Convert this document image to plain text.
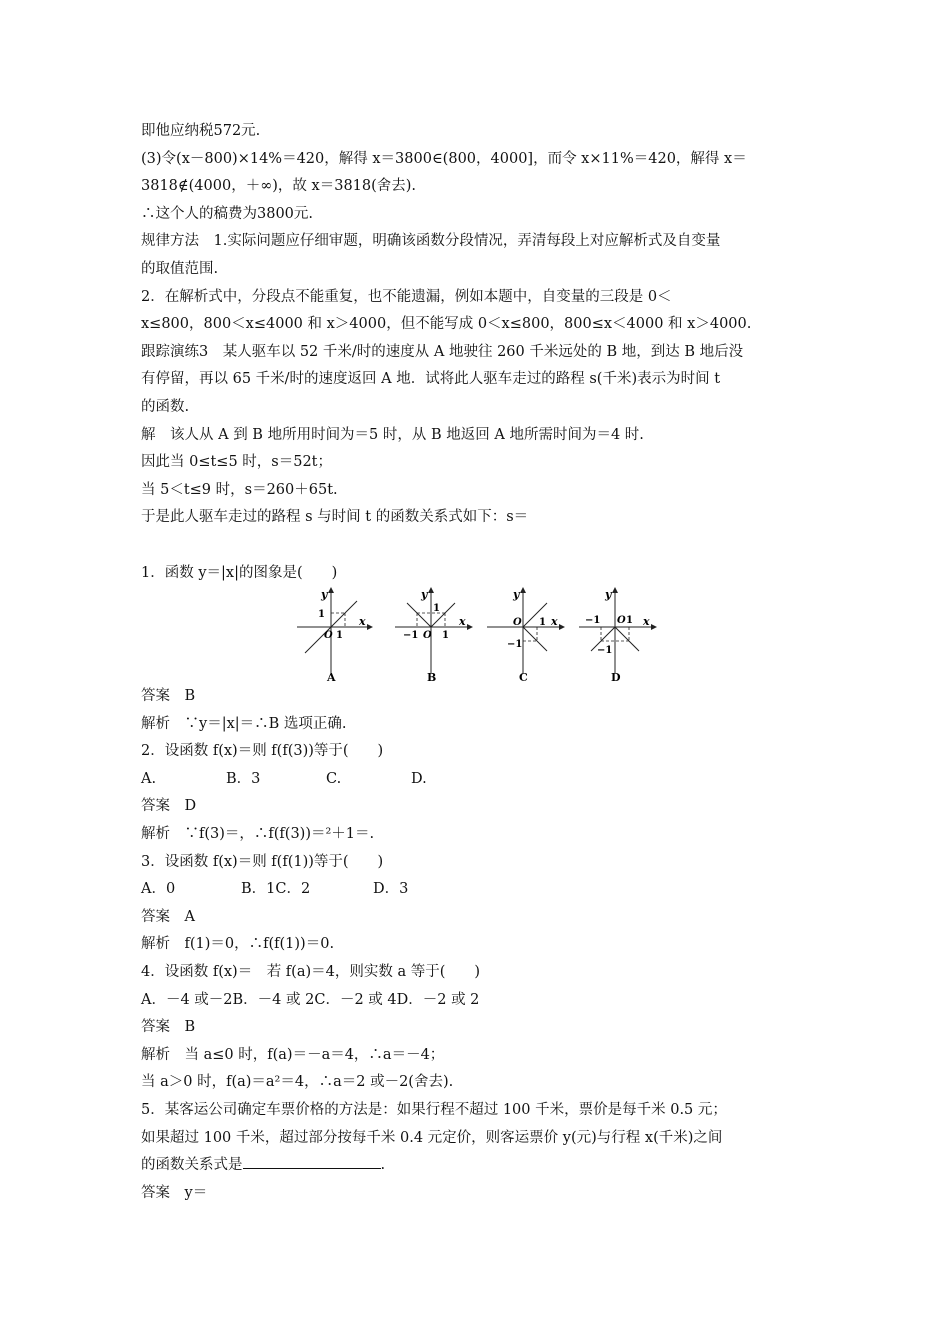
即他应纳税572元.
(3)令(x－800)×14%＝420，解得 x＝3800∈(800，4000]，而令 x×11%＝420，解得 x＝
3818∉(4000，＋∞)，故 x＝3818(舍去).
∴这个人的稿费为3800元.
规律方法　1.实际问题应仔细审题，明确该函数分段情况，弄清每段上对应解析式及自变量
的取值范围.
2．在解析式中，分段点不能重复，也不能遗漏，例如本题中，自变量的三段是 0＜
x≤800，800＜x≤4000 和 x＞4000，但不能写成 0＜x≤800，800≤x＜4000 和 x＞4000.
跟踪演练3　某人驱车以 52 千米/时的速度从 A 地驶往 260 千米远处的 B 地，到达 B 地后没
有停留，再以 65 千米/时的速度返回 A 地．试将此人驱车走过的路程 s(千米)表示为时间 t
的函数.
解　该人从 A 到 B 地所用时间为＝5 时，从 B 地返回 A 地所需时间为＝4 时.
因此当 0≤t≤5 时，s＝52t；
当 5＜t≤9 时，s＝260＋65t.
于是此人驱车走过的路程 s 与时间 t 的函数关系式如下：s＝
1．函数 y＝|x|的图象是(　　)
y
x
1
O 1
A
y
x
1
−1 O 1
B
y
x
O 1
−1
C
y
x
−1 O 1
−1
D
答案　B
解析　∵y＝|x|＝∴B 选项正确.
2．设函数 f(x)＝则 f(f(3))等于(　　)
A.	B．3	C.	D.
答案　D
解析　∵f(3)＝，∴f(f(3))＝²＋1＝.
3．设函数 f(x)＝则 f(f(1))等于(　　)
A．0	B．1C．2	D．3
答案　A
解析　f(1)＝0，∴f(f(1))＝0.
4．设函数 f(x)＝　若 f(a)＝4，则实数 a 等于(　　)
A．－4 或－2B．－4 或 2C．－2 或 4D．－2 或 2
答案　B
解析　当 a≤0 时，f(a)＝－a＝4，∴a＝－4；
当 a＞0 时，f(a)＝a²＝4，∴a＝2 或－2(舍去).
5．某客运公司确定车票价格的方法是：如果行程不超过 100 千米，票价是每千米 0.5 元；
如果超过 100 千米，超过部分按每千米 0.4 元定价，则客运票价 y(元)与行程 x(千米)之间
的函数关系式是	.
答案　y＝
